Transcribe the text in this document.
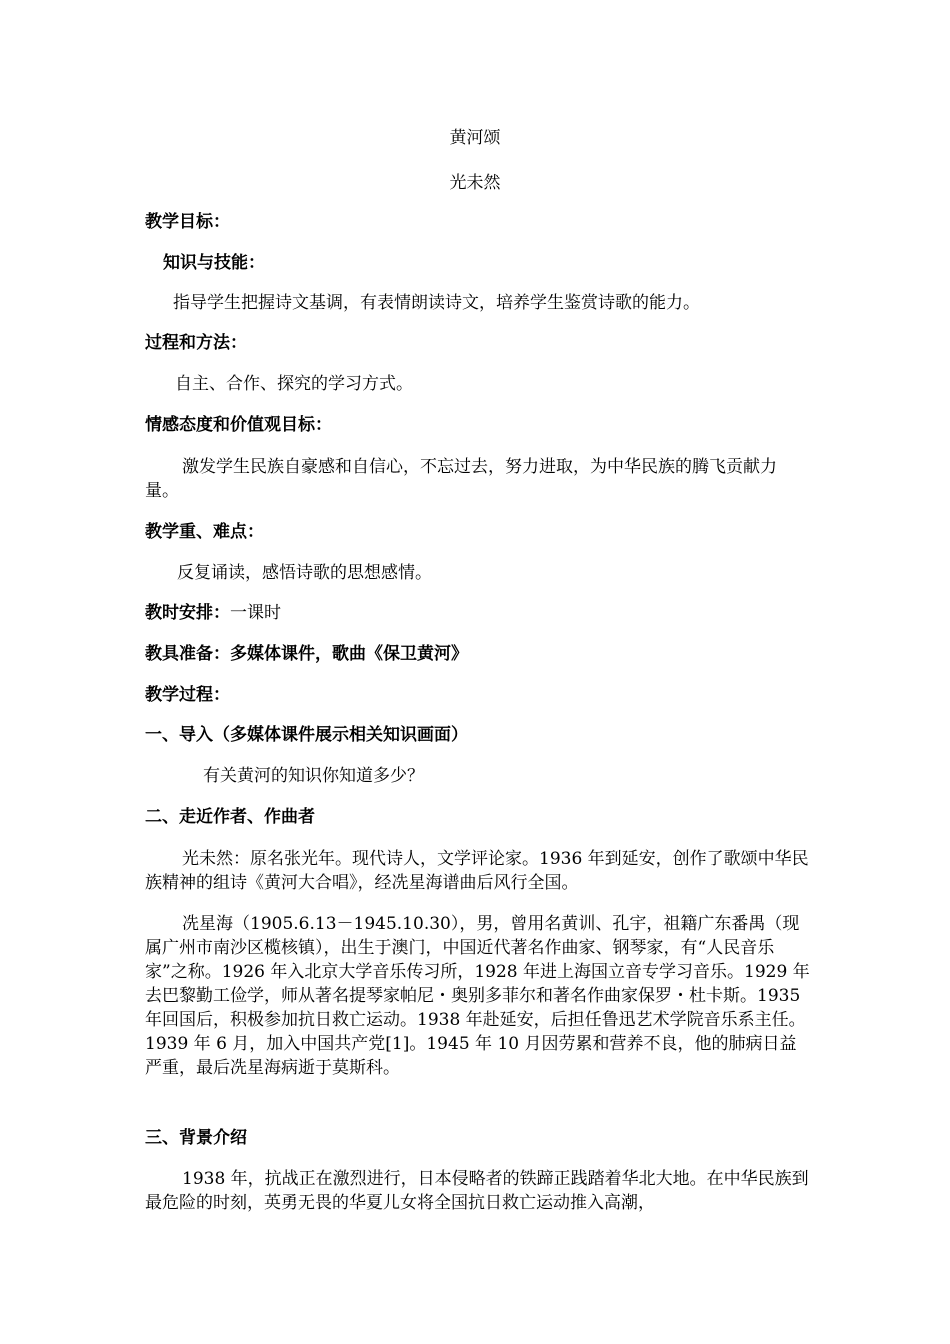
黄河颂
光未然
教学目标：
知识与技能：
指导学生把握诗文基调，有表情朗读诗文，培养学生鉴赏诗歌的能力。
过程和方法：
自主、合作、探究的学习方式。
情感态度和价值观目标：
激发学生民族自豪感和自信心，不忘过去，努力进取，为中华民族的腾飞贡献力量。
教学重、难点：
反复诵读，感悟诗歌的思想感情。
教时安排：一课时
教具准备：多媒体课件，歌曲《保卫黄河》
教学过程：
一、导入（多媒体课件展示相关知识画面）
有关黄河的知识你知道多少？
二、走近作者、作曲者
光未然：原名张光年。现代诗人，文学评论家。1936 年到延安，创作了歌颂中华民族精神的组诗《黄河大合唱》，经冼星海谱曲后风行全国。
冼星海（1905.6.13－1945.10.30），男，曾用名黄训、孔宇，祖籍广东番禺（现属广州市南沙区榄核镇），出生于澳门，中国近代著名作曲家、钢琴家，有“人民音乐家”之称。1926 年入北京大学音乐传习所，1928 年进上海国立音专学习音乐。1929 年去巴黎勤工俭学，师从著名提琴家帕尼・奥别多菲尔和著名作曲家保罗・杜卡斯。1935 年回国后，积极参加抗日救亡运动。1938 年赴延安，后担任鲁迅艺术学院音乐系主任。1939 年 6 月，加入中国共产党[1]。1945 年 10 月因劳累和营养不良，他的肺病日益严重，最后冼星海病逝于莫斯科。
三、背景介绍
1938 年，抗战正在激烈进行，日本侵略者的铁蹄正践踏着华北大地。在中华民族到最危险的时刻，英勇无畏的华夏儿女将全国抗日救亡运动推入高潮，
